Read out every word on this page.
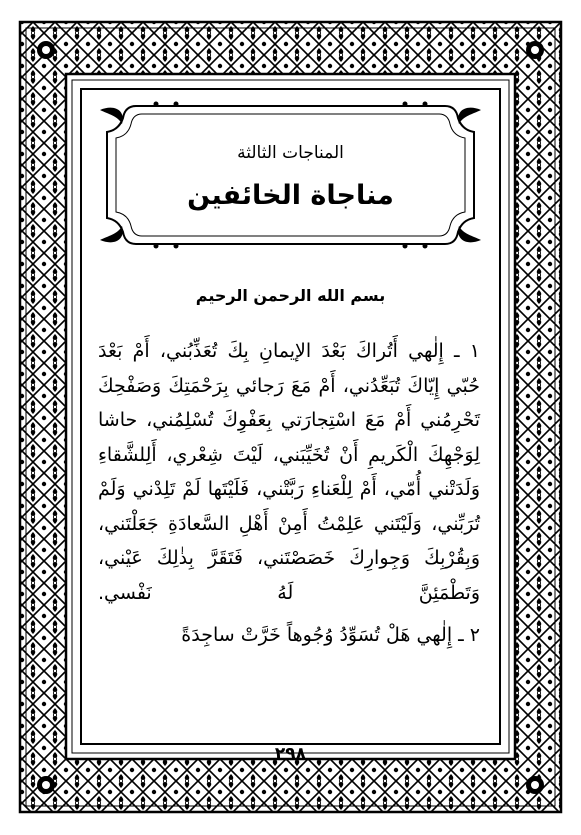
المناجات الثالثة
مناجاة الخائفين
بسم الله الرحمن الرحيم

١ ـ إِلٰهي أَتُراكَ بَعْدَ الإيمانِ بِكَ تُعَذِّبُني، أَمْ بَعْدَ حُبّي إِيّاكَ تُبَعِّدُني، أَمْ مَعَ رَجائي بِرَحْمَتِكَ وَصَفْحِكَ تَحْرِمُني أَمْ مَعَ اسْتِجارَتي بِعَفْوِكَ تُسْلِمُني، حاشا لِوَجْهِكَ الْكَريمِ أَنْ تُخَيِّبَني، لَيْتَ شِعْري، أَلِلشَّقاءِ وَلَدَتْني أُمّي، أَمْ لِلْعَناءِ رَبَّتْني، فَلَيْتَها لَمْ تَلِدْني وَلَمْ تُرَبِّني، وَلَيْتَني عَلِمْتُ أَمِنْ أَهْلِ السَّعادَةِ جَعَلْتَني، وَبِقُرْبِكَ وَجِوارِكَ خَصَصْتَني، فَتَقَرَّ بِذٰلِكَ عَيْني، وَتَطْمَئِنَّ لَهُ نَفْسي.

٢ ـ إِلٰهي هَلْ تُسَوِّدُ وُجُوهاً خَرَّتْ ساجِدَةً

٢٩٨
